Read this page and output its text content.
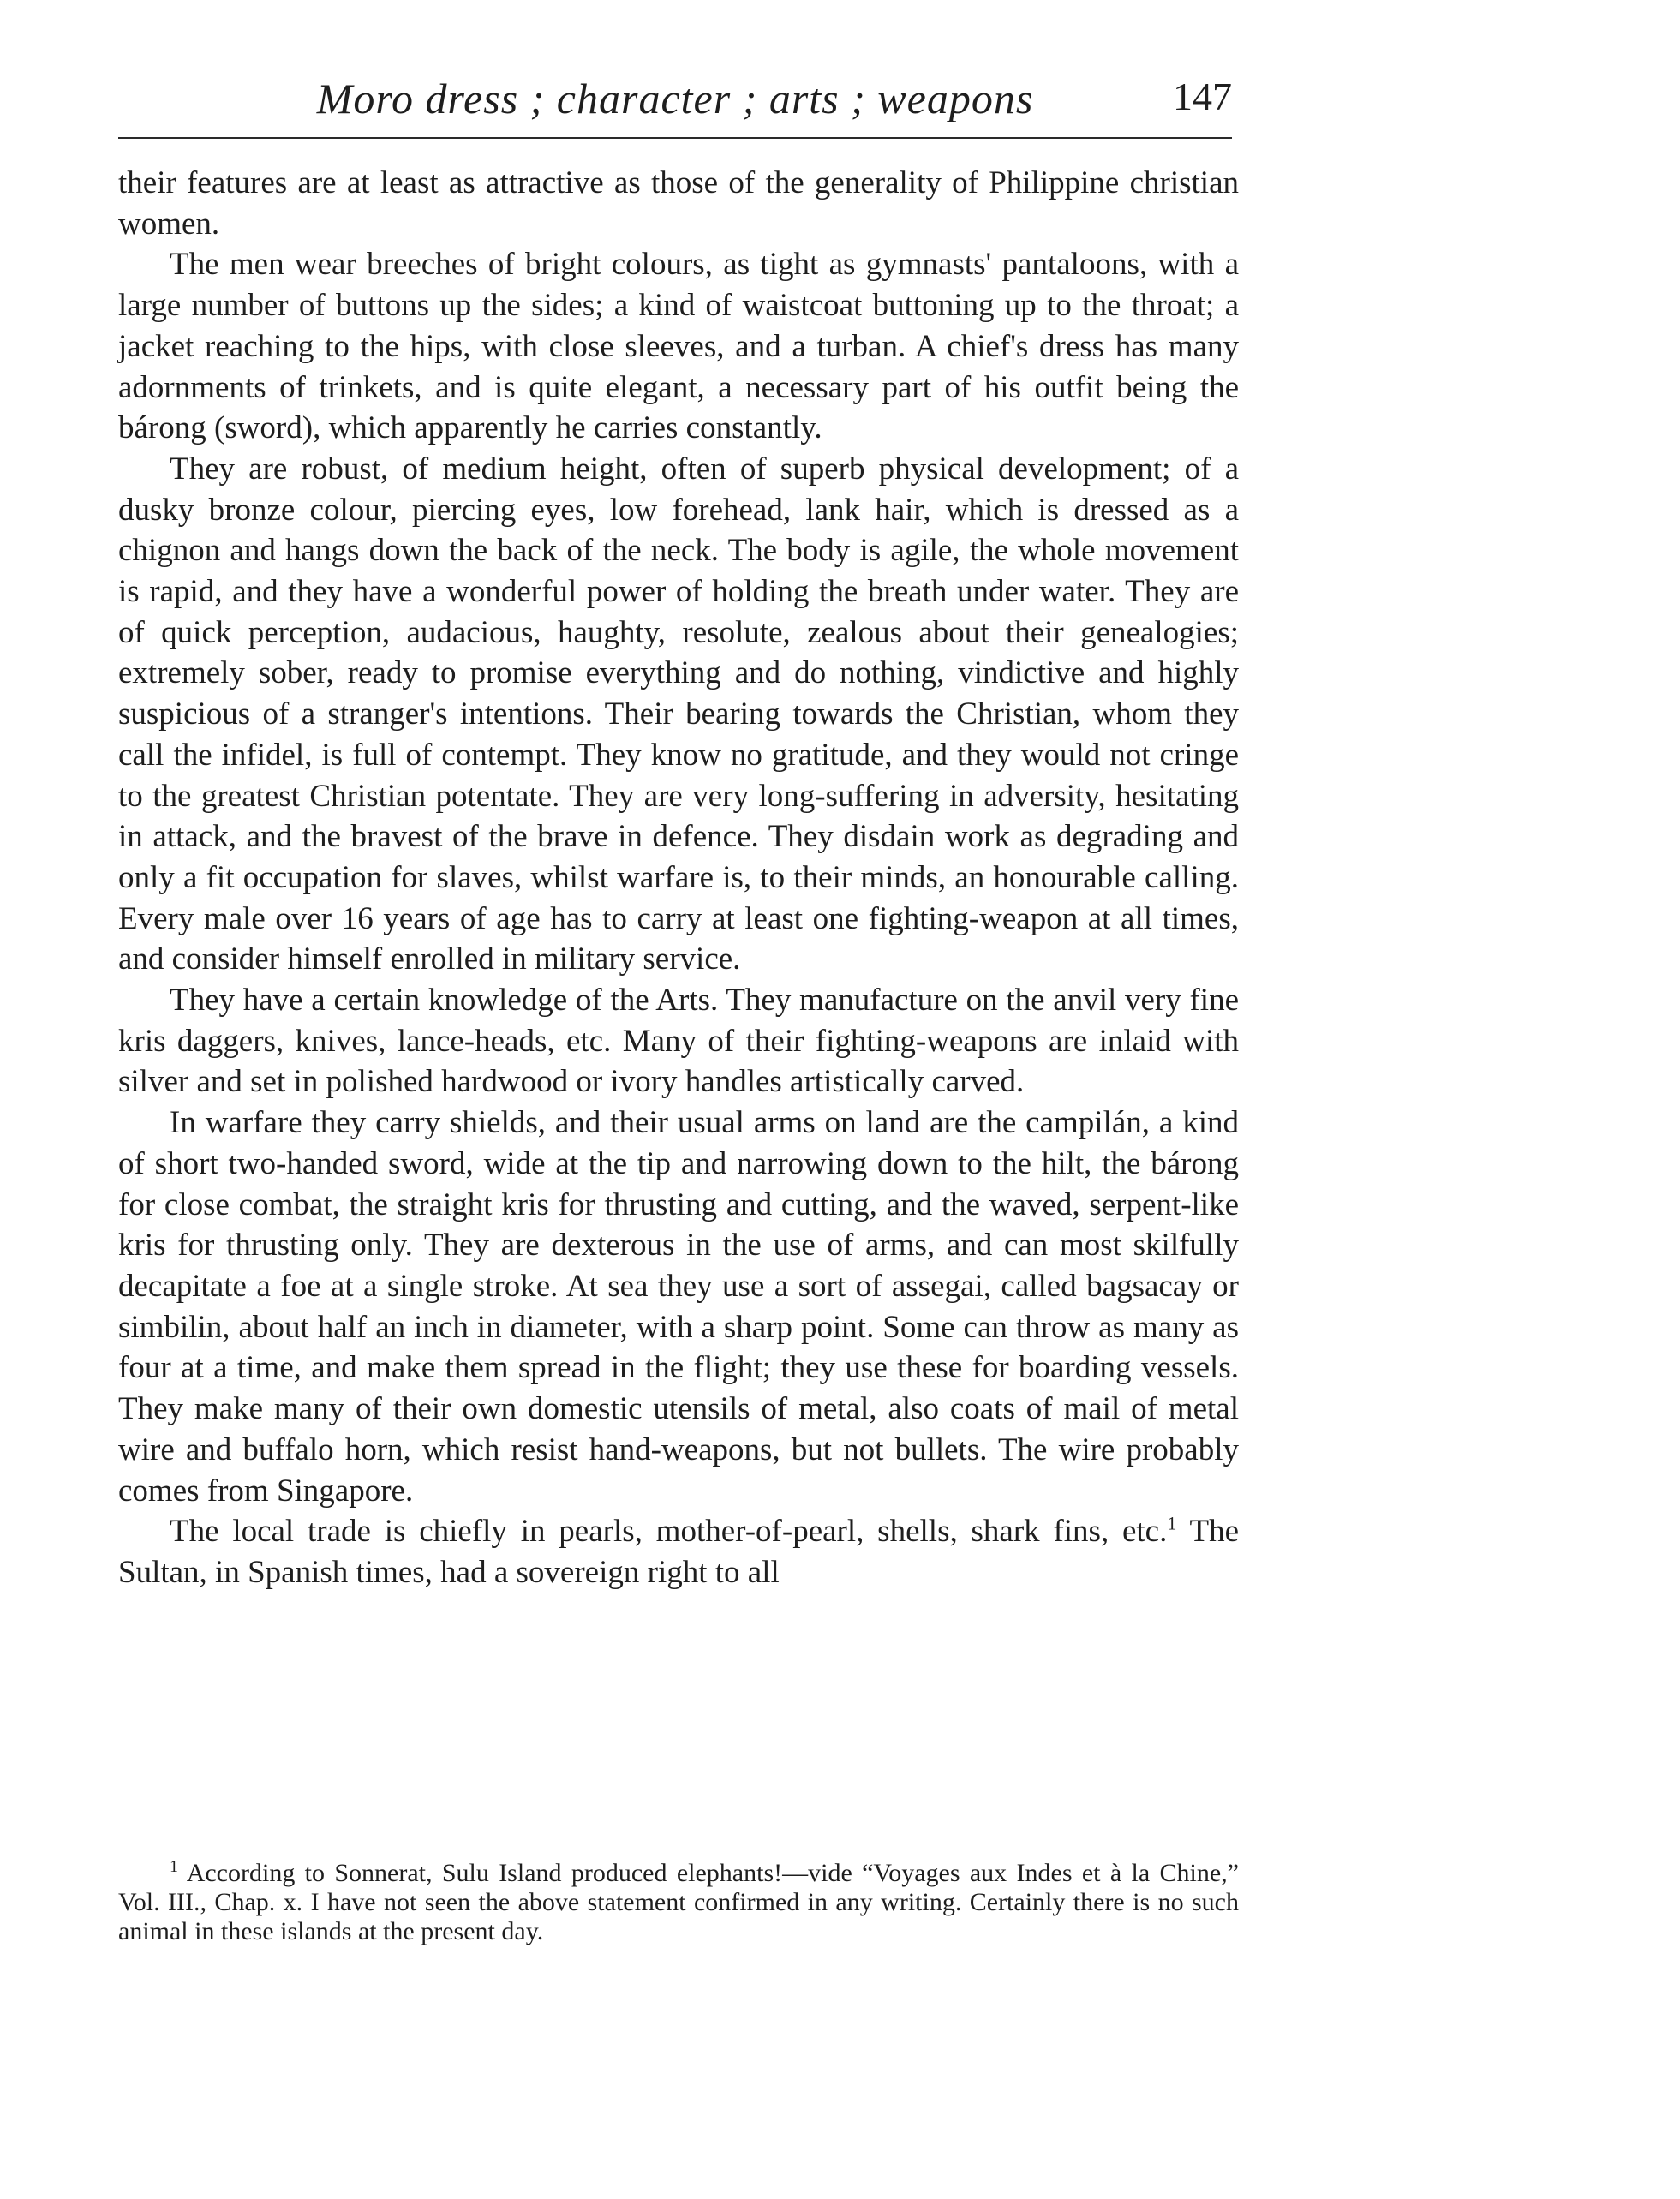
Moro dress ; character ; arts ; weapons	147

their features are at least as attractive as those of the generality of Philippine christian women.

The men wear breeches of bright colours, as tight as gymnasts' pantaloons, with a large number of buttons up the sides; a kind of waistcoat buttoning up to the throat; a jacket reaching to the hips, with close sleeves, and a turban. A chief's dress has many adornments of trinkets, and is quite elegant, a necessary part of his outfit being the bárong (sword), which apparently he carries constantly.

They are robust, of medium height, often of superb physical development; of a dusky bronze colour, piercing eyes, low forehead, lank hair, which is dressed as a chignon and hangs down the back of the neck. The body is agile, the whole movement is rapid, and they have a wonderful power of holding the breath under water. They are of quick perception, audacious, haughty, resolute, zealous about their genealogies; extremely sober, ready to promise everything and do nothing, vindictive and highly suspicious of a stranger's intentions. Their bearing towards the Christian, whom they call the infidel, is full of contempt. They know no gratitude, and they would not cringe to the greatest Christian potentate. They are very long-suffering in adversity, hesitating in attack, and the bravest of the brave in defence. They disdain work as degrading and only a fit occupation for slaves, whilst warfare is, to their minds, an honourable calling. Every male over 16 years of age has to carry at least one fighting-weapon at all times, and consider himself enrolled in military service.

They have a certain knowledge of the Arts. They manufacture on the anvil very fine kris daggers, knives, lance-heads, etc. Many of their fighting-weapons are inlaid with silver and set in polished hardwood or ivory handles artistically carved.

In warfare they carry shields, and their usual arms on land are the campilán, a kind of short two-handed sword, wide at the tip and narrowing down to the hilt, the bárong for close combat, the straight kris for thrusting and cutting, and the waved, serpent-like kris for thrusting only. They are dexterous in the use of arms, and can most skilfully decapitate a foe at a single stroke. At sea they use a sort of assegai, called bagsacay or simbilin, about half an inch in diameter, with a sharp point. Some can throw as many as four at a time, and make them spread in the flight; they use these for boarding vessels. They make many of their own domestic utensils of metal, also coats of mail of metal wire and buffalo horn, which resist hand-weapons, but not bullets. The wire probably comes from Singapore.

The local trade is chiefly in pearls, mother-of-pearl, shells, shark fins, etc.$^1$ The Sultan, in Spanish times, had a sovereign right to all

$^1$ According to Sonnerat, Sulu Island produced elephants!—vide “Voyages aux Indes et à la Chine,” Vol. III., Chap. x. I have not seen the above statement confirmed in any writing. Certainly there is no such animal in these islands at the present day.
